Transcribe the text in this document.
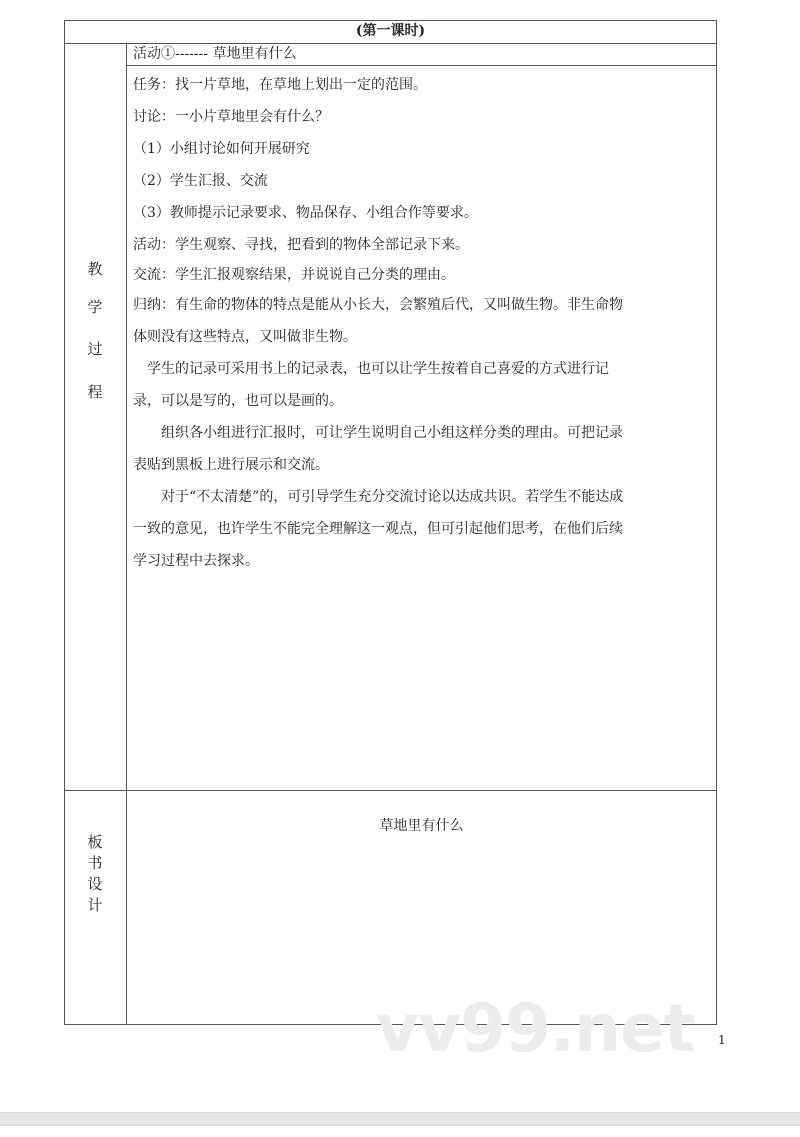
(第一课时)
活动①------- 草地里有什么
教
学
过
程
任务：找一片草地，在草地上划出一定的范围。
讨论：一小片草地里会有什么？
（1）小组讨论如何开展研究
（2）学生汇报、交流
（3）教师提示记录要求、物品保存、小组合作等要求。
活动：学生观察、寻找，把看到的物体全部记录下来。
交流：学生汇报观察结果，并说说自己分类的理由。
归纳：有生命的物体的特点是能从小长大，会繁殖后代，又叫做生物。非生命物
体则没有这些特点，又叫做非生物。
　学生的记录可采用书上的记录表，也可以让学生按着自己喜爱的方式进行记
录，可以是写的，也可以是画的。
　　组织各小组进行汇报时，可让学生说明自己小组这样分类的理由。可把记录
表贴到黑板上进行展示和交流。
　　对于“不太清楚”的，可引导学生充分交流讨论以达成共识。若学生不能达成
一致的意见，也许学生不能完全理解这一观点，但可引起他们思考，在他们后续
学习过程中去探求。
板
书
设
计
草地里有什么
vv99.net 1
